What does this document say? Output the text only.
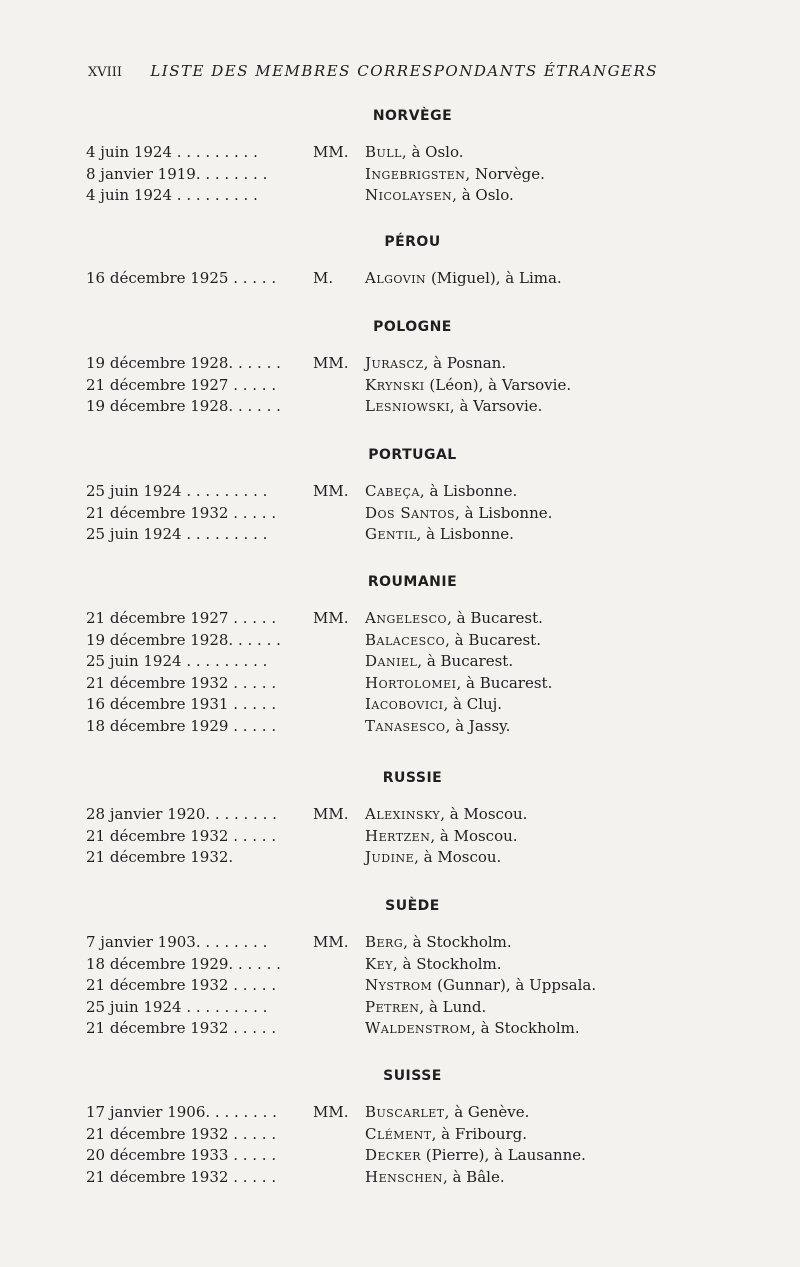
XVIII LISTE DES MEMBRES CORRESPONDANTS ÉTRANGERS
NORVÈGE
4 juin 1924 . . . . . . . . .	MM. Bull, à Oslo.
8 janvier 1919. . . . . . . .	Ingebrigsten, Norvège.
4 juin 1924 . . . . . . . . .	Nicolaysen, à Oslo.
PÉROU
16 décembre 1925 . . . . . M. Algovin (Miguel), à Lima.
POLOGNE
19 décembre 1928. . . . . . MM. Jurascz, à Posnan.
21 décembre 1927 . . . . .	Krynski (Léon), à Varsovie.
19 décembre 1928. . . . . .	Lesniowski, à Varsovie.
PORTUGAL
25 juin 1924 . . . . . . . . .	MM. Cabeça, à Lisbonne.
21 décembre 1932 . . . . .	Dos Santos, à Lisbonne.
25 juin 1924 . . . . . . . . .	Gentil, à Lisbonne.
ROUMANIE
21 décembre 1927 . . . . . MM. Angelesco, à Bucarest.
19 décembre 1928. . . . . .	Balacesco, à Bucarest.
25 juin 1924 . . . . . . . . .	Daniel, à Bucarest.
21 décembre 1932 . . . . .	Hortolomei, à Bucarest.
16 décembre 1931 . . . . .	Iacobovici, à Cluj.
18 décembre 1929 . . . . .	Tanasesco, à Jassy.
RUSSIE
28 janvier 1920. . . . . . . . MM. Alexinsky, à Moscou.
21 décembre 1932 . . . . .	Hertzen, à Moscou.
21 décembre 1932.	Judine, à Moscou.
SUÈDE
7 janvier 1903. . . . . . . .	MM. Berg, à Stockholm.
18 décembre 1929. . . . . .	Key, à Stockholm.
21 décembre 1932 . . . . .	Nystrom (Gunnar), à Uppsala.
25 juin 1924 . . . . . . . . .	Petren, à Lund.
21 décembre 1932 . . . . .	Waldenstrom, à Stockholm.
SUISSE
17 janvier 1906. . . . . . . . MM. Buscarlet, à Genève.
21 décembre 1932 . . . . .	Clément, à Fribourg.
20 décembre 1933 . . . . .	Decker (Pierre), à Lausanne.
21 décembre 1932 . . . . .	Henschen, à Bâle.
